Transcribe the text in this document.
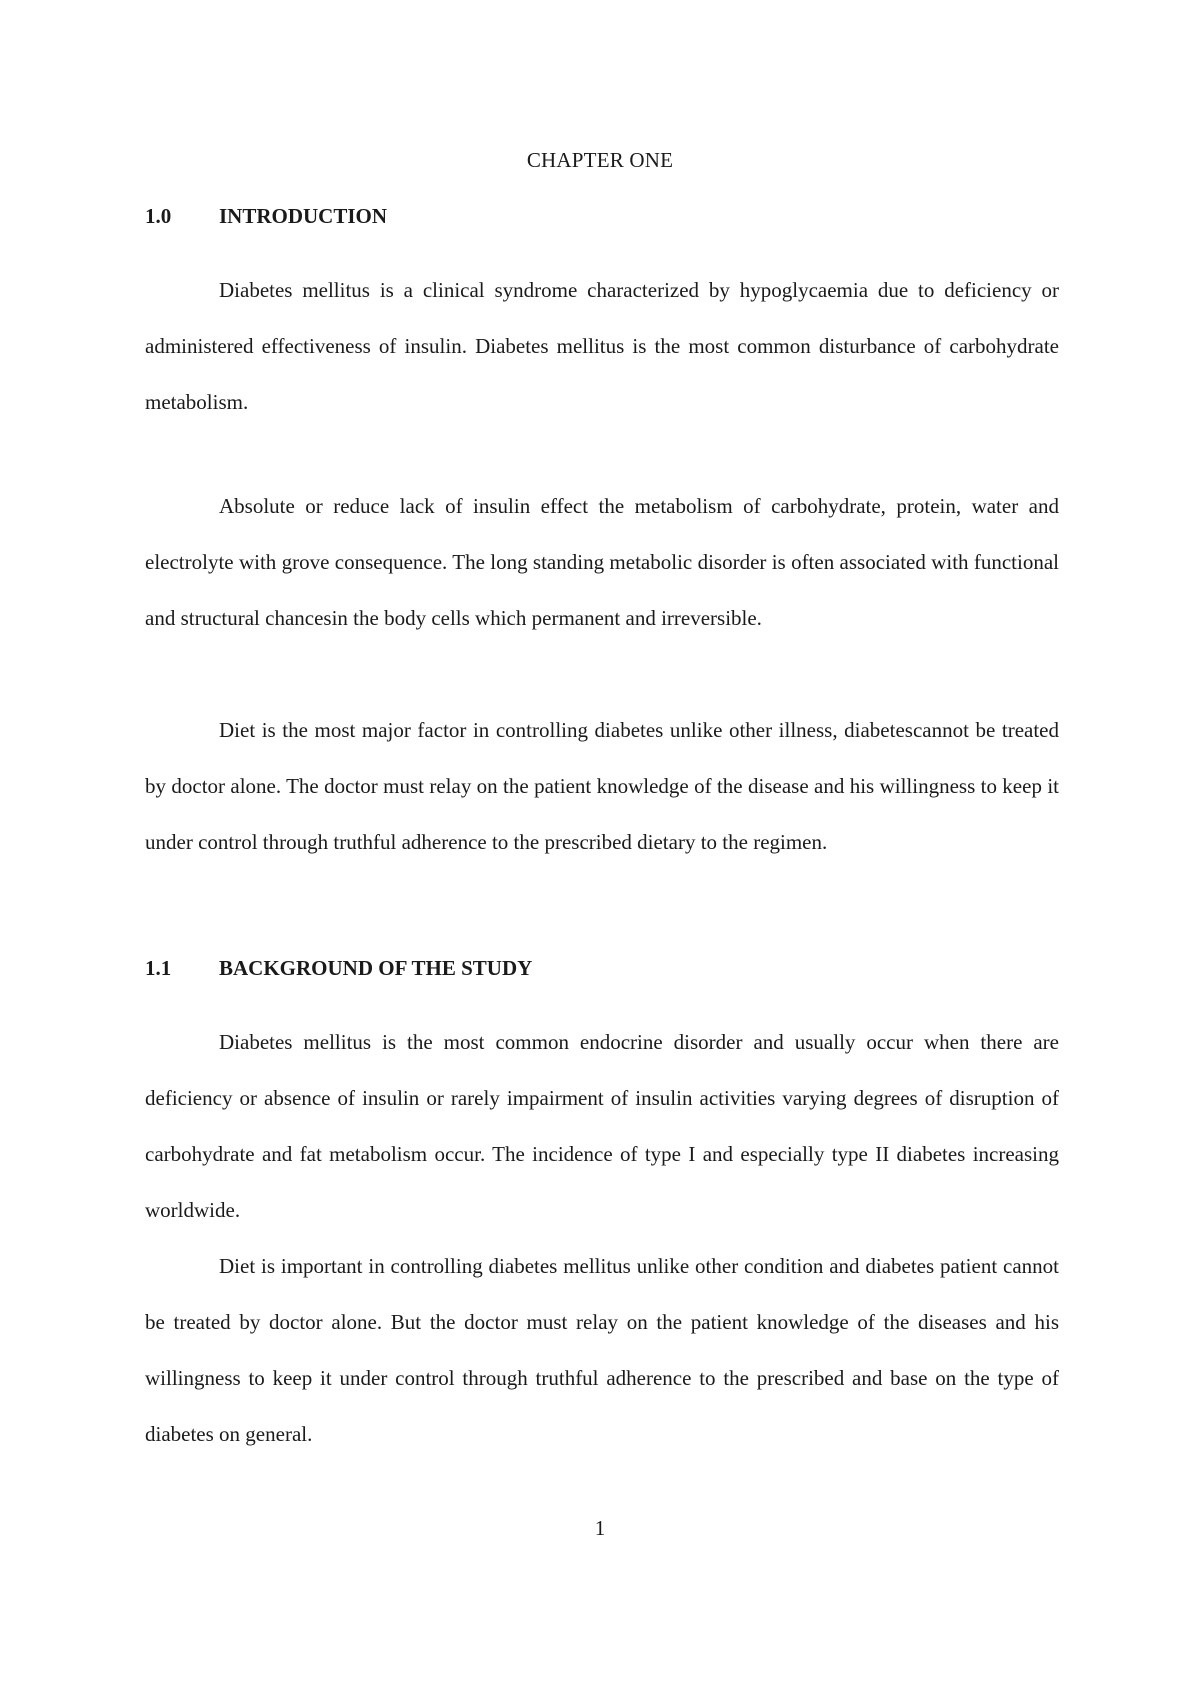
CHAPTER ONE
1.0	INTRODUCTION

Diabetes mellitus is a clinical syndrome characterized by hypoglycaemia due to deficiency or administered effectiveness of insulin. Diabetes mellitus is the most common disturbance of carbohydrate metabolism.

Absolute or reduce lack of insulin effect the metabolism of carbohydrate, protein, water and electrolyte with grove consequence. The long standing metabolic disorder is often associated with functional and structural chancesin the body cells which permanent and irreversible.

Diet is the most major factor in controlling diabetes unlike other illness, diabetescannot be treated by doctor alone. The doctor must relay on the patient knowledge of the disease and his willingness to keep it under control through truthful adherence to the prescribed dietary to the regimen.

1.1	BACKGROUND OF THE STUDY

Diabetes mellitus is the most common endocrine disorder and usually occur when there are deficiency or absence of insulin or rarely impairment of insulin activities varying degrees of disruption of carbohydrate and fat metabolism occur. The incidence of type I and especially type II diabetes increasing worldwide.

Diet is important in controlling diabetes mellitus unlike other condition and diabetes patient cannot be treated by doctor alone. But the doctor must relay on the patient knowledge of the diseases and his willingness to keep it under control through truthful adherence to the prescribed and base on the type of diabetes on general.

1
